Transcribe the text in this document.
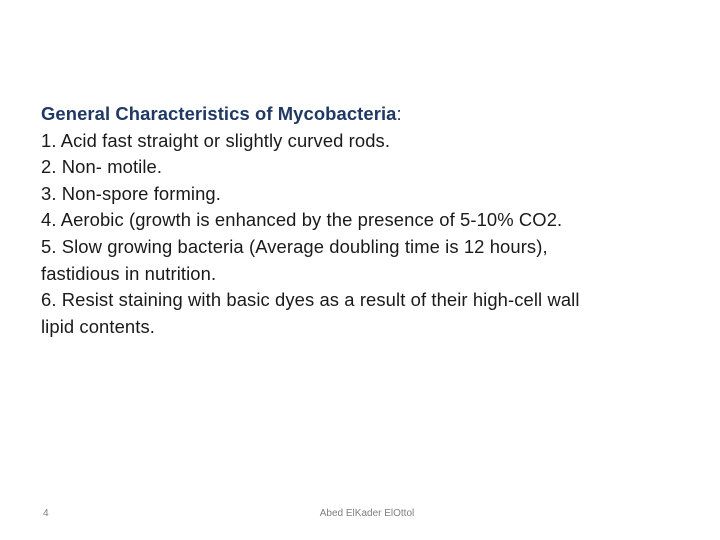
General Characteristics of Mycobacteria:
1. Acid fast straight or slightly curved rods.
2. Non- motile.
3. Non-spore forming.
4. Aerobic (growth is enhanced by the presence of 5-10% CO2.
5. Slow growing bacteria (Average doubling time is 12 hours),
fastidious in nutrition.
6. Resist staining with basic dyes as a result of their high-cell wall
lipid contents.
4	Abed ElKader ElOttol
